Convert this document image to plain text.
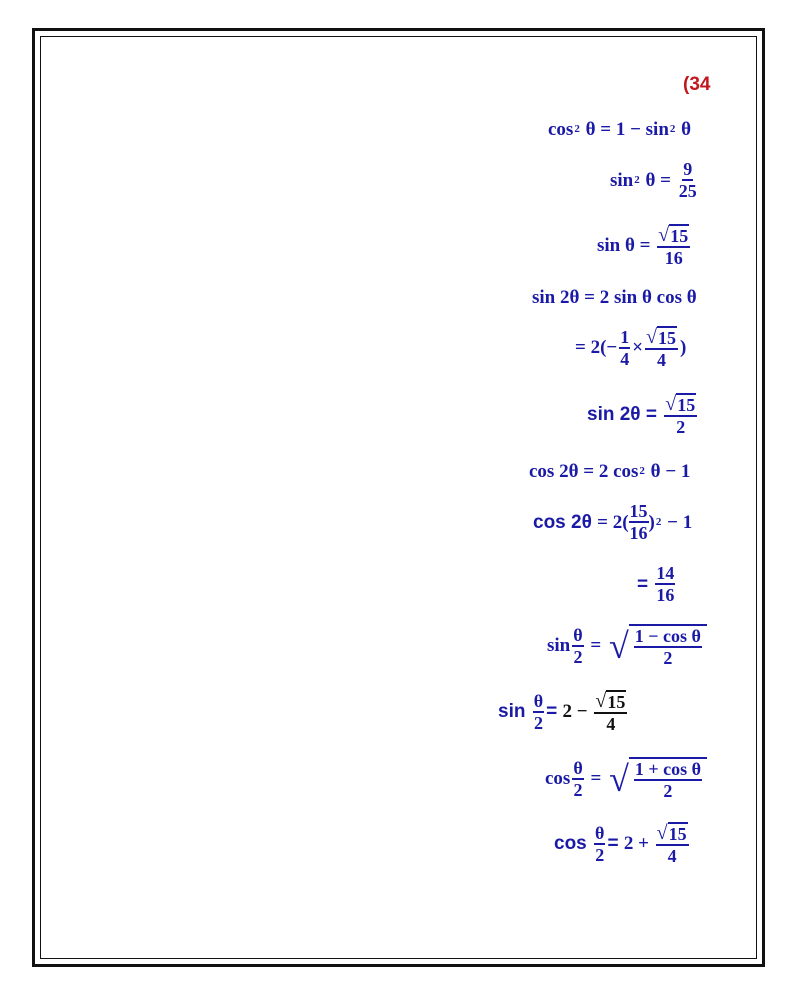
(34
cos 2 θ = 1 − sin 2 θ
sin 2 $\theta = \frac{9}{25}$
$\sin \theta = \frac{√ 15}{16}$
sin 2θ = 2 sin θ cos θ
= $2(- \frac{1}{4} \times \frac{√ 15}{4}$ )
$\sin 2\theta = \frac{√ 15}{2}$
cos 2θ = 2 cos 2 θ − 1
$\cos 2\theta = 2( \frac{15}{16}$ ) 2 − 1
= $\frac{14}{16}$
$\sin \frac{\theta}{2}$ = √ $\frac{\text{1 − cos θ}}{2}$
$\sin \frac{\theta}{2} = 2 - \frac{√ 15}{4}$
$\cos \frac{\theta}{2}$ = √ $\frac{\text{1 + cos θ}}{2}$
$\cos \frac{\theta}{2} = 2 + \frac{√ 15}{4}$
